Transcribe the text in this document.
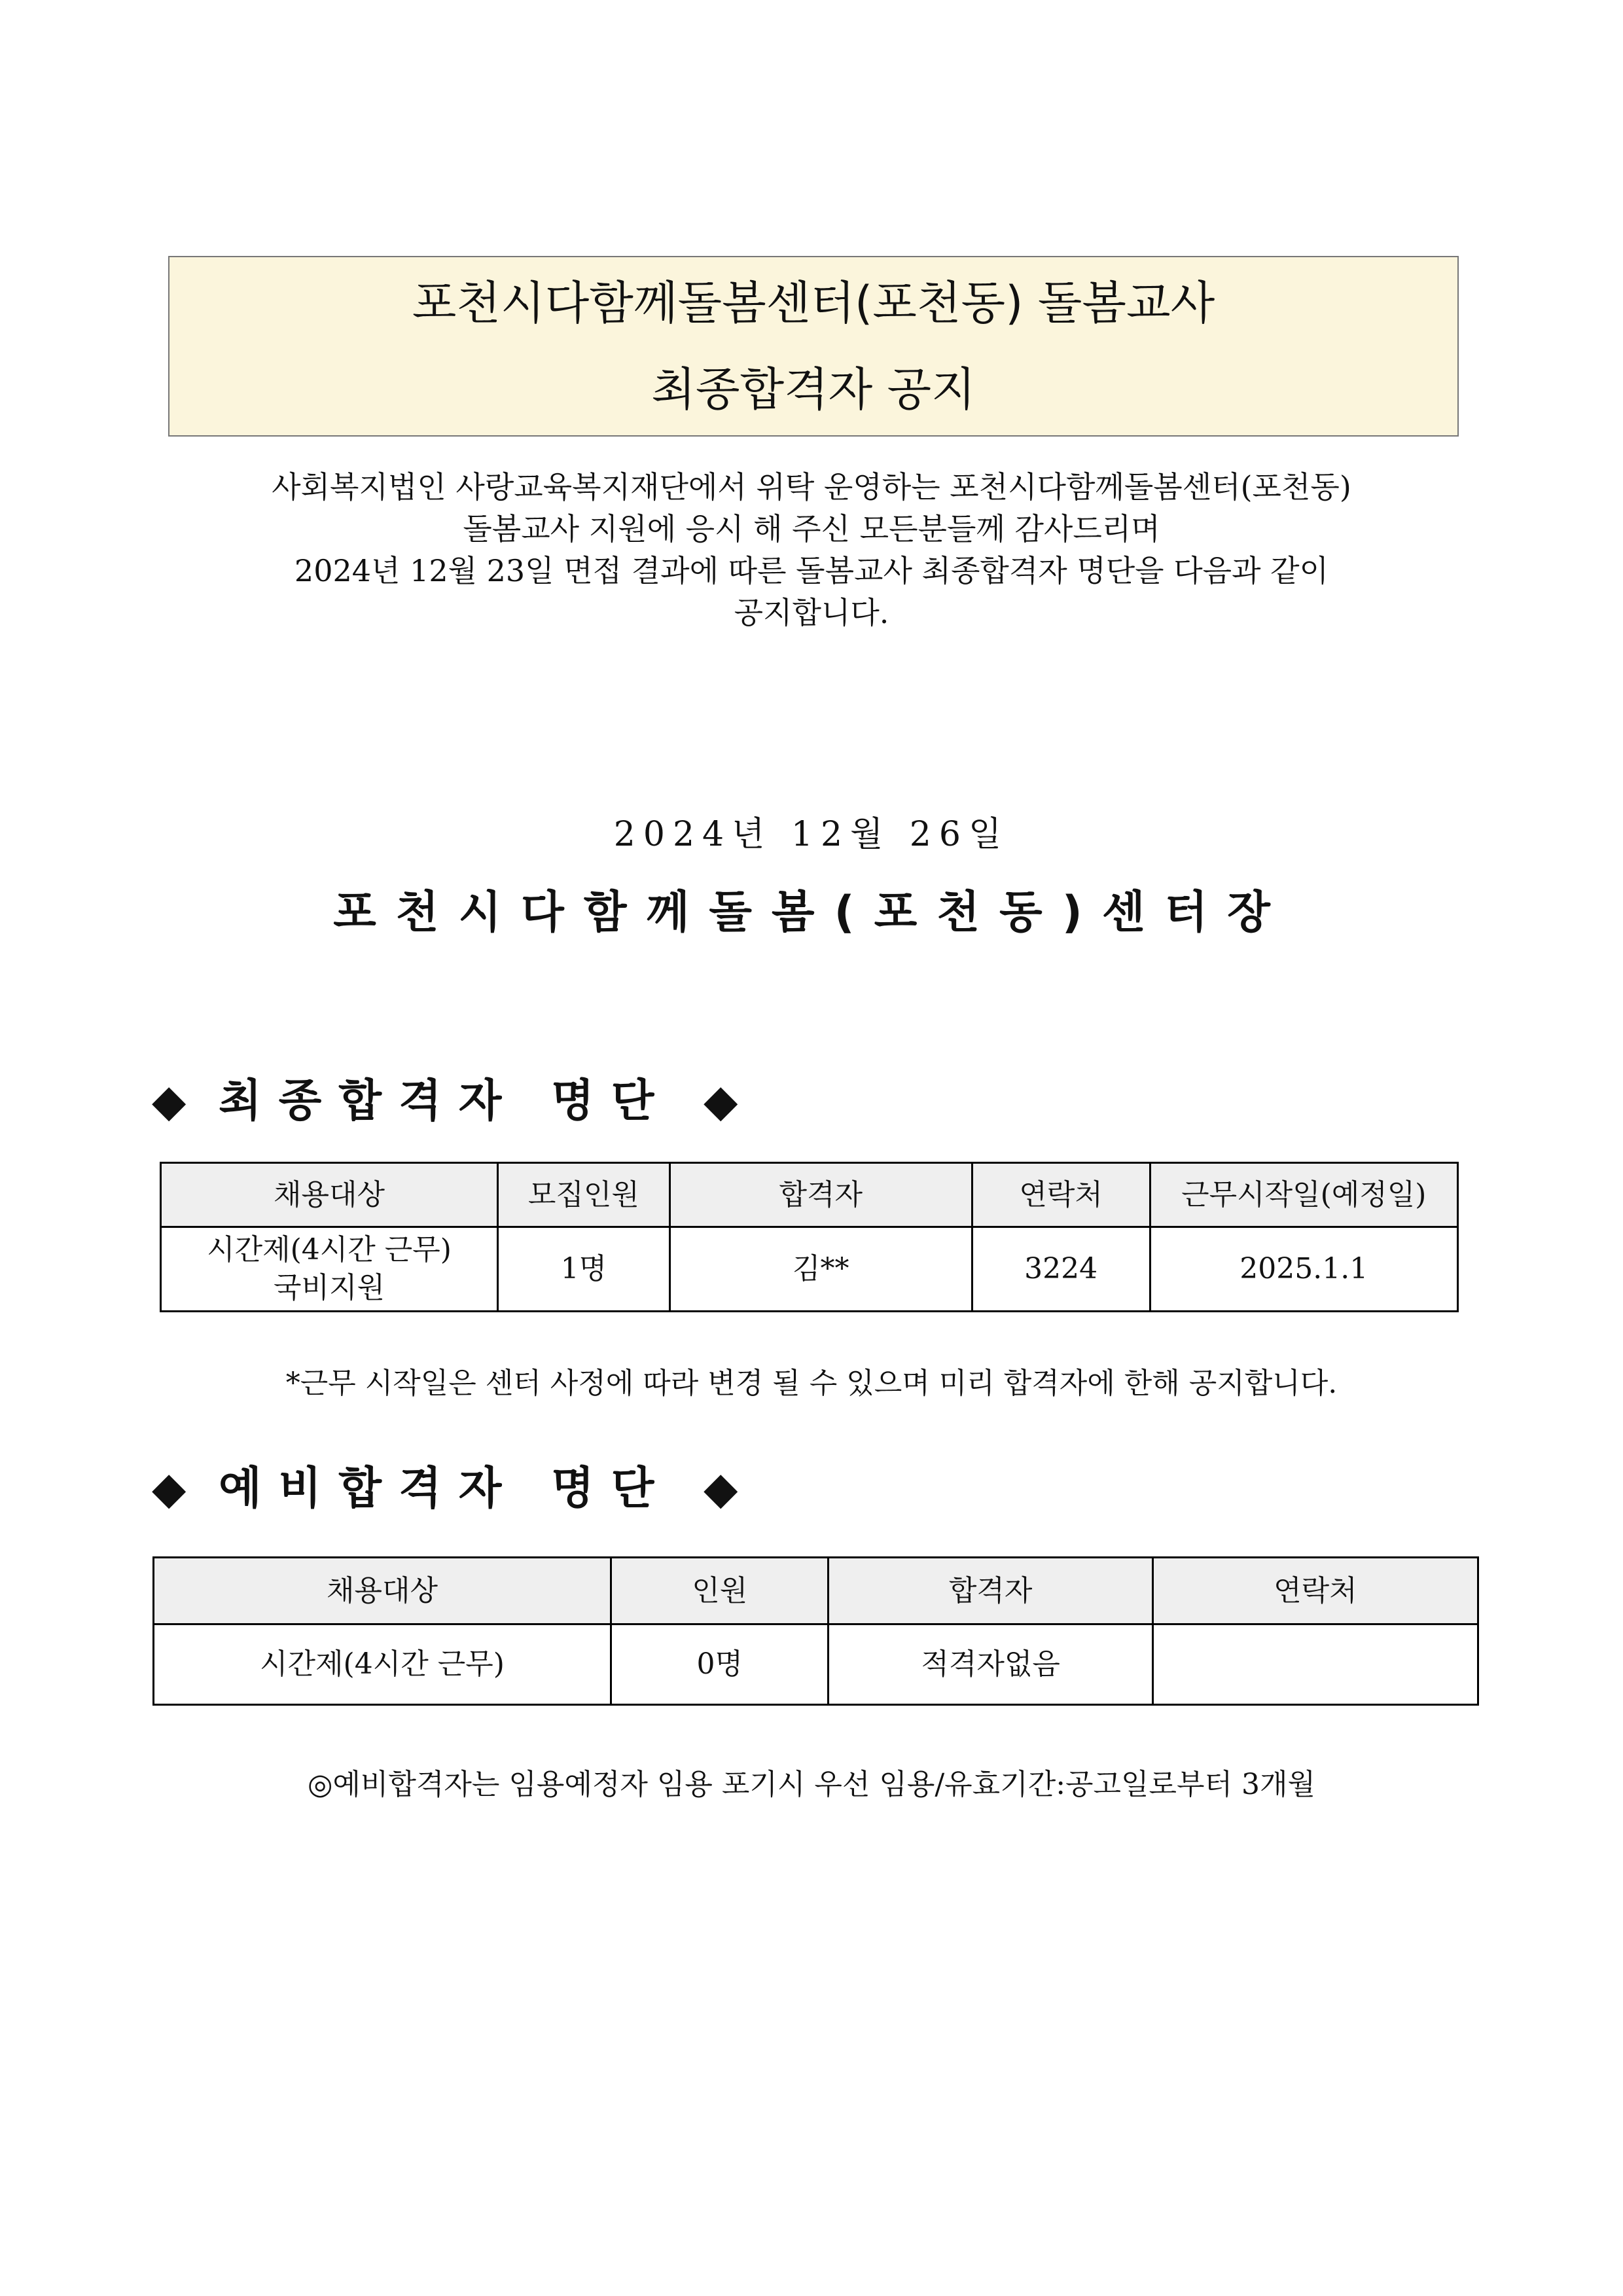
포천시다함께돌봄센터(포천동) 돌봄교사
최종합격자 공지
사회복지법인 사랑교육복지재단에서 위탁 운영하는 포천시다함께돌봄센터(포천동)
돌봄교사 지원에 응시 해 주신 모든분들께 감사드리며
2024년 12월 23일 면접 결과에 따른 돌봄교사 최종합격자 명단을 다음과 같이
공지합니다.
2024년 12월 26일
포천시다함께돌봄(포천동)센터장
◆ 최종합격자 명단 ◆
채용대상	모집인원	합격자	연락처	근무시작일(예정일)

시간제(4시간 근무)
국비지원	1명	김**	3224	2025.1.1
*근무 시작일은 센터 사정에 따라 변경 될 수 있으며 미리 합격자에 한해 공지합니다.
◆ 예비합격자 명단 ◆
채용대상	인원	합격자	연락처
시간제(4시간 근무)	0명	적격자없음	
◎예비합격자는 임용예정자 임용 포기시 우선 임용/유효기간:공고일로부터 3개월
